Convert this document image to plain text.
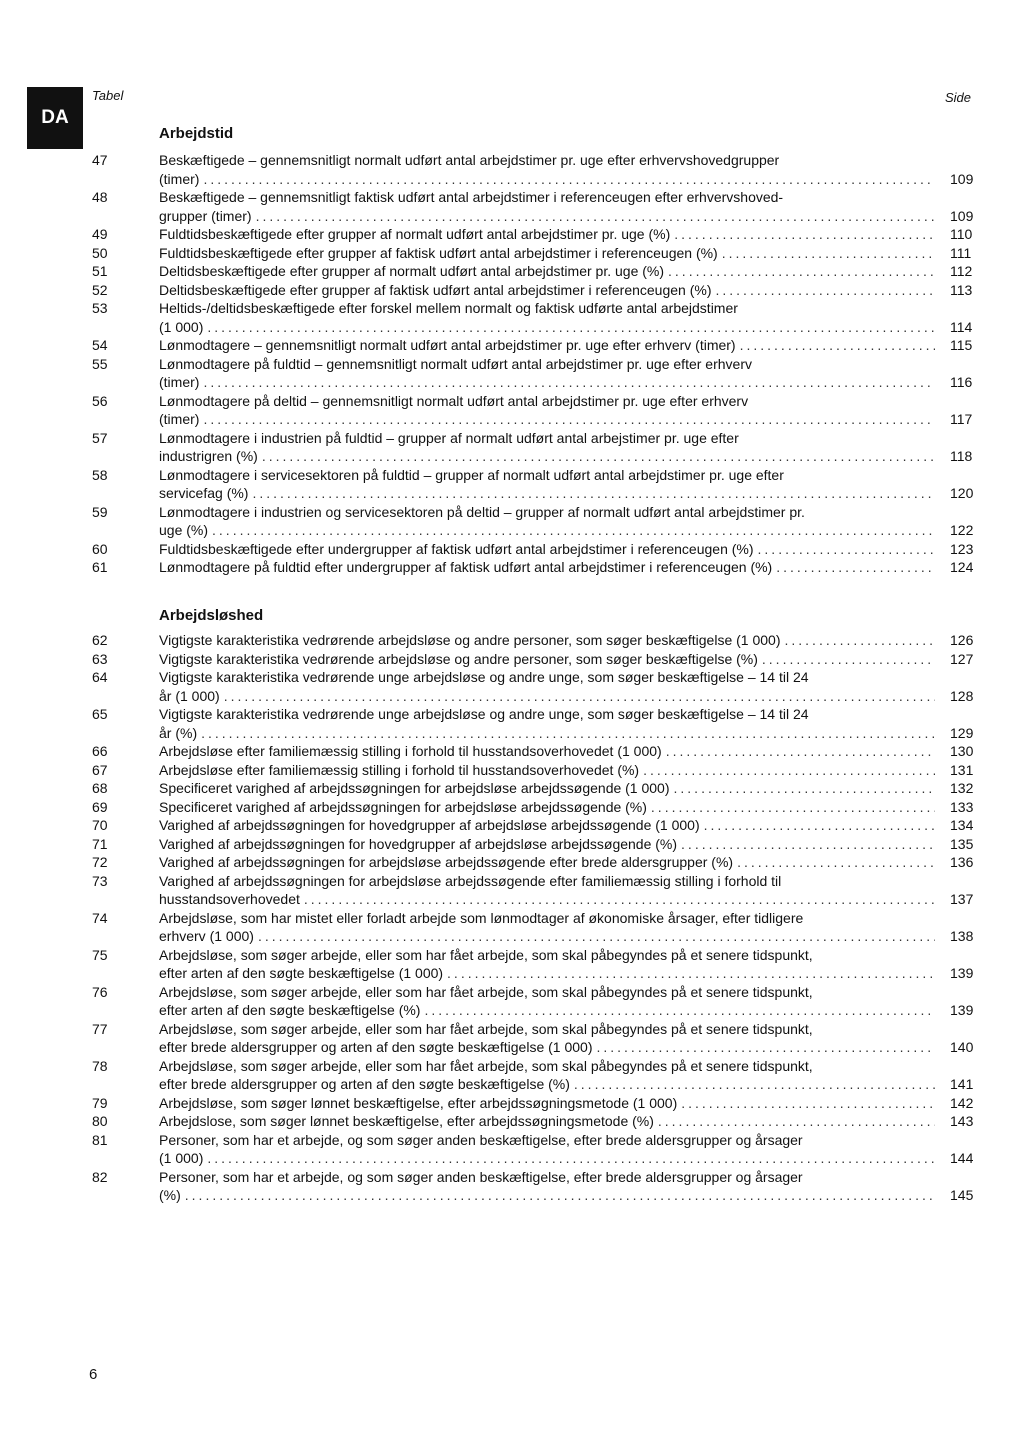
DA
Tabel	Side
Arbejdstid
47	Beskæftigede – gennemsnitligt normalt udført antal arbejdstimer pr. uge efter erhvervshovedgrupper
(timer) .....	109
48	Beskæftigede – gennemsnitligt faktisk udført antal arbejdstimer i referenceugen efter erhvervshoved-
grupper (timer) .....	109
49	Fuldtidsbeskæftigede efter grupper af normalt udført antal arbejdstimer pr. uge (%) .....	110
50	Fuldtidsbeskæftigede efter grupper af faktisk udført antal arbejdstimer i referenceugen (%) .....	111
51	Deltidsbeskæftigede efter grupper af normalt udført antal arbejdstimer pr. uge (%) .....	112
52	Deltidsbeskæftigede efter grupper af faktisk udført antal arbejdstimer i referenceugen (%) .....	113
53	Heltids-/deltidsbeskæftigede efter forskel mellem normalt og faktisk udførte antal arbejdstimer
(1 000) .....	114
54	Lønmodtagere – gennemsnitligt normalt udført antal arbejdstimer pr. uge efter erhverv (timer) .....	115
55	Lønmodtagere på fuldtid – gennemsnitligt normalt udført antal arbejdstimer pr. uge efter erhverv
(timer) .....	116
56	Lønmodtagere på deltid – gennemsnitligt normalt udført antal arbejdstimer pr. uge efter erhverv
(timer) .....	117
57	Lønmodtagere i industrien på fuldtid – grupper af normalt udført antal arbejstimer pr. uge efter
industrigren (%) .....	118
58	Lønmodtagere i servicesektoren på fuldtid – grupper af normalt udført antal arbejdstimer pr. uge efter
servicefag (%) .....	120
59	Lønmodtagere i industrien og servicesektoren på deltid – grupper af normalt udført antal arbejdstimer pr.
uge (%) .....	122
60	Fuldtidsbeskæftigede efter undergrupper af faktisk udført antal arbejdstimer i referenceugen (%) .....	123
61	Lønmodtagere på fuldtid efter undergrupper af faktisk udført antal arbejdstimer i referenceugen (%) .....	124
Arbejdsløshed
62	Vigtigste karakteristika vedrørende arbejdsløse og andre personer, som søger beskæftigelse (1 000) .....	126
63	Vigtigste karakteristika vedrørende arbejdsløse og andre personer, som søger beskæftigelse (%) .....	127
64	Vigtigste karakteristika vedrørende unge arbejdsløse og andre unge, som søger beskæftigelse – 14 til 24
år (1 000) .....	128
65	Vigtigste karakteristika vedrørende unge arbejdsløse og andre unge, som søger beskæftigelse – 14 til 24
år (%) .....	129
66	Arbejdsløse efter familiemæssig stilling i forhold til husstandsoverhovedet (1 000) .....	130
67	Arbejdsløse efter familiemæssig stilling i forhold til husstandsoverhovedet (%) .....	131
68	Specificeret varighed af arbejdssøgningen for arbejdsløse arbejdssøgende (1 000) .....	132
69	Specificeret varighed af arbejdssøgningen for arbejdsløse arbejdssøgende (%) .....	133
70	Varighed af arbejdssøgningen for hovedgrupper af arbejdsløse arbejdssøgende (1 000) .....	134
71	Varighed af arbejdssøgningen for hovedgrupper af arbejdsløse arbejdssøgende (%) .....	135
72	Varighed af arbejdssøgningen for arbejdsløse arbejdssøgende efter brede aldersgrupper (%) .....	136
73	Varighed af arbejdssøgningen for arbejdsløse arbejdssøgende efter familiemæssig stilling i forhold til
husstandsoverhovedet .....	137
74	Arbejdsløse, som har mistet eller forladt arbejde som lønmodtager af økonomiske årsager, efter tidligere
erhverv (1 000) .....	138
75	Arbejdsløse, som søger arbejde, eller som har fået arbejde, som skal påbegyndes på et senere tidspunkt,
efter arten af den søgte beskæftigelse (1 000) .....	139
76	Arbejdsløse, som søger arbejde, eller som har fået arbejde, som skal påbegyndes på et senere tidspunkt,
efter arten af den søgte beskæftigelse (%) .....	139
77	Arbejdsløse, som søger arbejde, eller som har fået arbejde, som skal påbegyndes på et senere tidspunkt,
efter brede aldersgrupper og arten af den søgte beskæftigelse (1 000) .....	140
78	Arbejdsløse, som søger arbejde, eller som har fået arbejde, som skal påbegyndes på et senere tidspunkt,
efter brede aldersgrupper og arten af den søgte beskæftigelse (%) .....	141
79	Arbejdsløse, som søger lønnet beskæftigelse, efter arbejdssøgningsmetode (1 000) .....	142
80	Arbejdslose, som søger lønnet beskæftigelse, efter arbejdssøgningsmetode (%) .....	143
81	Personer, som har et arbejde, og som søger anden beskæftigelse, efter brede aldersgrupper og årsager
(1 000) .....	144
82	Personer, som har et arbejde, og som søger anden beskæftigelse, efter brede aldersgrupper og årsager
(%) .....	145
6
